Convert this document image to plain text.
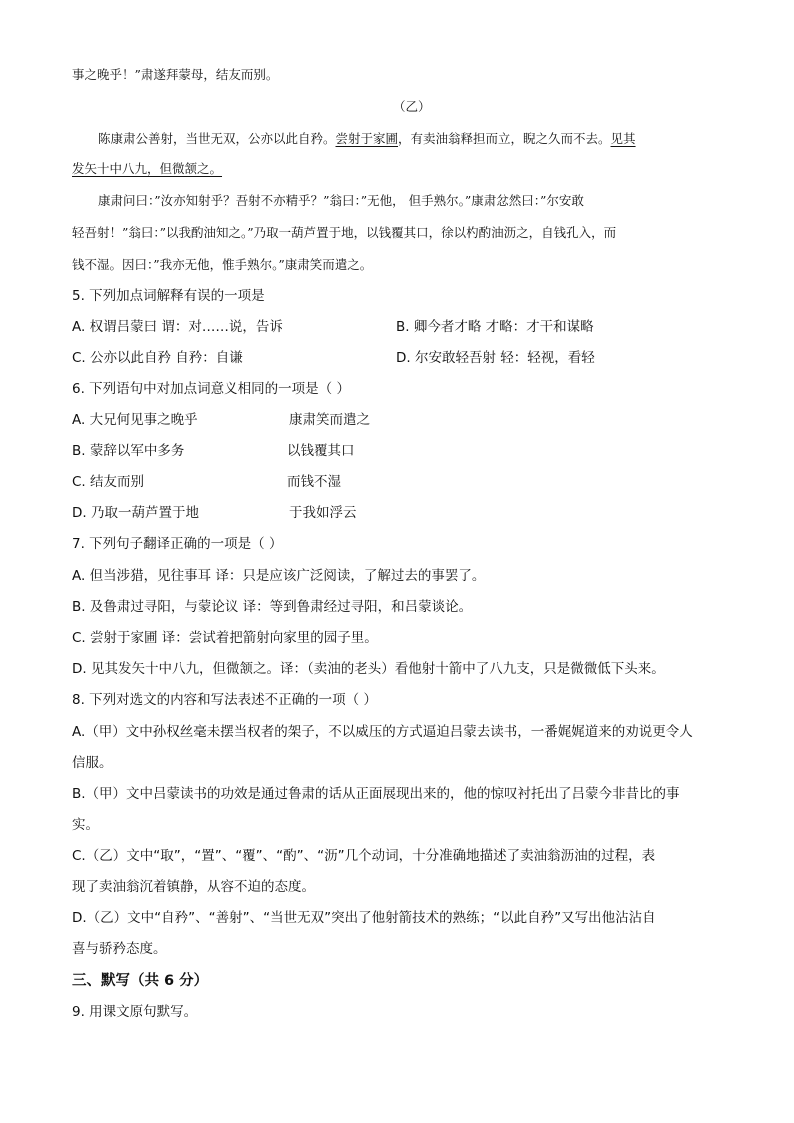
事之晚乎！”肃遂拜蒙母，结友而别。
（乙）
陈康肃公善射，当世无双，公亦以此自矜。尝射于家圃，有卖油翁释担而立，睨之久而不去。见其
发矢十中八九，但微颔之。
康肃问曰：”汝亦知射乎？吾射不亦精乎？”翁曰：”无他， 但手熟尔。”康肃忿然曰：”尔安敢
轻吾射！”翁曰：”以我酌油知之。”乃取一葫芦置于地，以钱覆其口，徐以杓酌油沥之，自钱孔入，而
钱不湿。因曰：”我亦无他，惟手熟尔。”康肃笑而遣之。
5. 下列加点词解释有误的一项是
A. 权谓吕蒙曰 谓：对……说，告诉	B. 卿今者才略 才略：才干和谋略
C. 公亦以此自矜 自矜：自谦	D. 尔安敢轻吾射 轻：轻视，看轻
6. 下列语句中对加点词意义相同的一项是（ ）
A. 大兄何见事之晚乎	康肃笑而遣之
B. 蒙辞以军中多务	以钱覆其口
C. 结友而别	而钱不湿
D. 乃取一葫芦置于地	于我如浮云
7. 下列句子翻译正确的一项是（ ）
A. 但当涉猎，见往事耳 译：只是应该广泛阅读，了解过去的事罢了。
B. 及鲁肃过寻阳，与蒙论议 译：等到鲁肃经过寻阳，和吕蒙谈论。
C. 尝射于家圃 译：尝试着把箭射向家里的园子里。
D. 见其发矢十中八九，但微颔之。译：（卖油的老头）看他射十箭中了八九支，只是微微低下头来。
8. 下列对选文的内容和写法表述不正确的一项（ ）
A.（甲）文中孙权丝毫未摆当权者的架子，不以威压的方式逼迫吕蒙去读书，一番娓娓道来的劝说更令人
信服。
B.（甲）文中吕蒙读书的功效是通过鲁肃的话从正面展现出来的，他的惊叹衬托出了吕蒙今非昔比的事
实。
C.（乙）文中“取”，“置”、“覆”、“酌”、“沥”几个动词，十分准确地描述了卖油翁沥油的过程，表
现了卖油翁沉着镇静，从容不迫的态度。
D.（乙）文中“自矜”、“善射”、“当世无双”突出了他射箭技术的熟练；“以此自矜”又写出他沾沾自
喜与骄矜态度。
三、默写（共 6 分）
9. 用课文原句默写。
